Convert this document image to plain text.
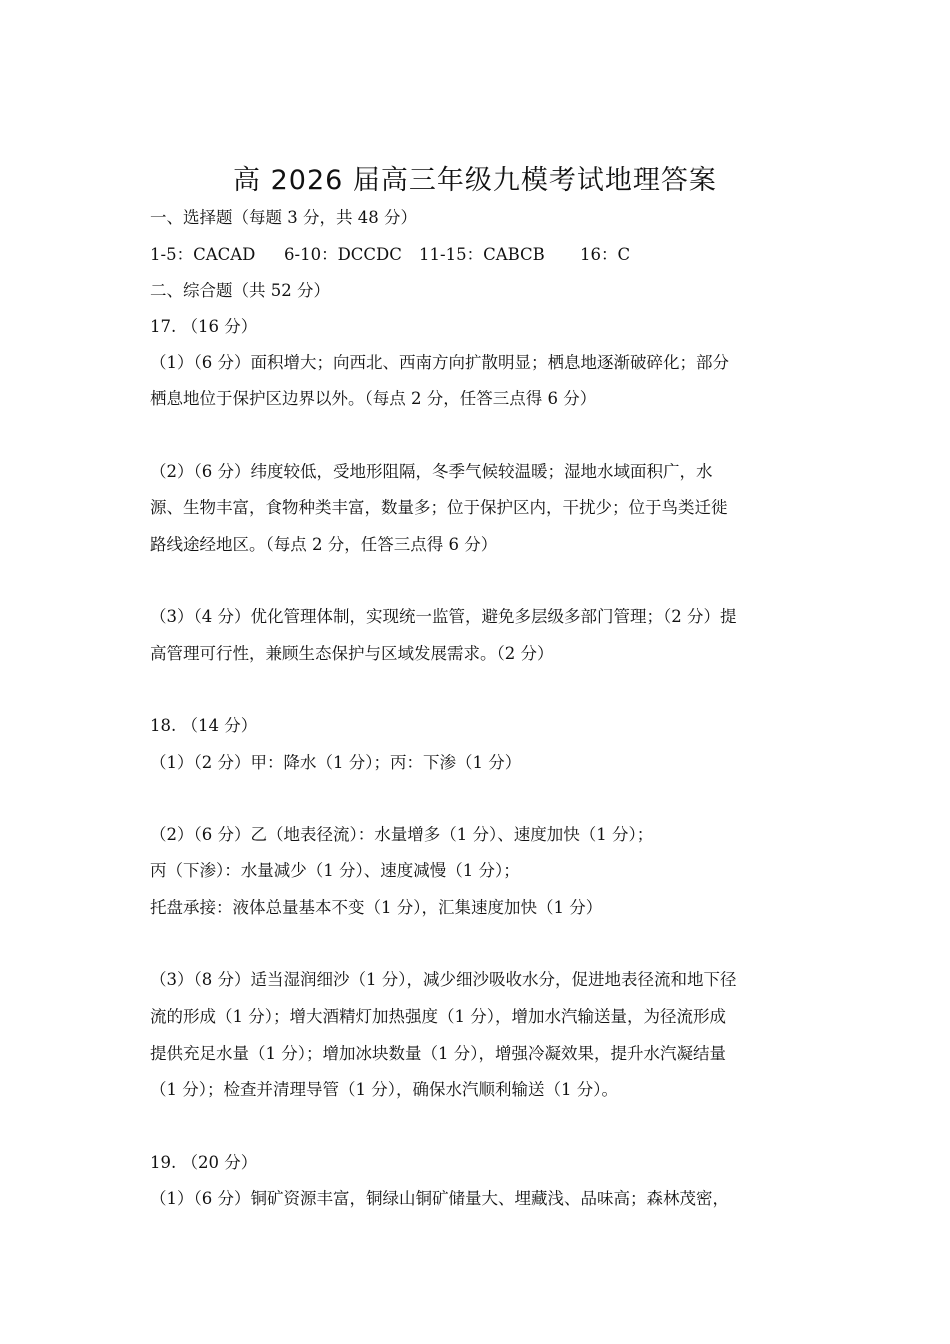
高 2026 届高三年级九模考试地理答案
一、选择题（每题 3 分，共 48 分）
1-5：CACAD 6-10：DCCDC 11-15：CABCB 16：C
二、综合题（共 52 分）
17. （16 分）
（1）（6 分）面积增大；向西北、西南方向扩散明显；栖息地逐渐破碎化；部分
栖息地位于保护区边界以外。（每点 2 分，任答三点得 6 分）
（2）（6 分）纬度较低，受地形阻隔，冬季气候较温暖；湿地水域面积广，水
源、生物丰富，食物种类丰富，数量多；位于保护区内，干扰少；位于鸟类迁徙
路线途经地区。（每点 2 分，任答三点得 6 分）
（3）（4 分）优化管理体制，实现统一监管，避免多层级多部门管理；（2 分）提
高管理可行性，兼顾生态保护与区域发展需求。（2 分）
18. （14 分）
（1）（2 分）甲：降水（1 分）；丙：下渗（1 分）
（2）（6 分）乙（地表径流）：水量增多（1 分）、速度加快（1 分）；
丙（下渗）：水量减少（1 分）、速度减慢（1 分）；
托盘承接：液体总量基本不变（1 分），汇集速度加快（1 分）
（3）（8 分）适当湿润细沙（1 分），减少细沙吸收水分，促进地表径流和地下径
流的形成（1 分）；增大酒精灯加热强度（1 分），增加水汽输送量，为径流形成
提供充足水量（1 分）；增加冰块数量（1 分），增强冷凝效果，提升水汽凝结量
（1 分）；检查并清理导管（1 分），确保水汽顺利输送（1 分）。
19. （20 分）
（1）（6 分）铜矿资源丰富，铜绿山铜矿储量大、埋藏浅、品味高；森林茂密，
